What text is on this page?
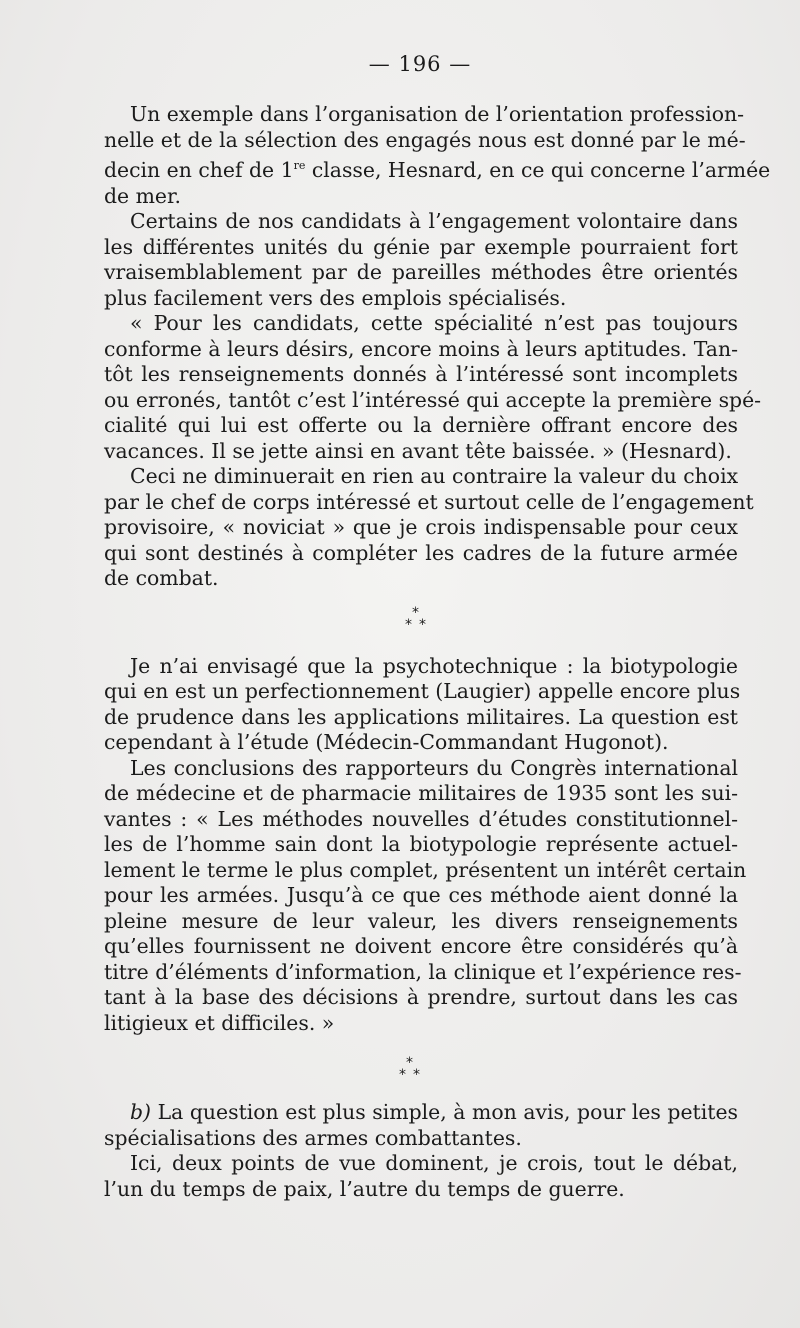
— 196 —
Un exemple dans l’organisation de l’orientation profession-
nelle et de la sélection des engagés nous est donné par le mé-
decin en chef de 1re classe, Hesnard, en ce qui concerne l’armée
de mer.
Certains de nos candidats à l’engagement volontaire dans
les différentes unités du génie par exemple pourraient fort
vraisemblablement par de pareilles méthodes être orientés
plus facilement vers des emplois spécialisés.
« Pour les candidats, cette spécialité n’est pas toujours
conforme à leurs désirs, encore moins à leurs aptitudes. Tan-
tôt les renseignements donnés à l’intéressé sont incomplets
ou erronés, tantôt c’est l’intéressé qui accepte la première spé-
cialité qui lui est offerte ou la dernière offrant encore des
vacances. Il se jette ainsi en avant tête baissée. » (Hesnard).
Ceci ne diminuerait en rien au contraire la valeur du choix
par le chef de corps intéressé et surtout celle de l’engagement
provisoire, « noviciat » que je crois indispensable pour ceux
qui sont destinés à compléter les cadres de la future armée
de combat.
*
* *
Je n’ai envisagé que la psychotechnique : la biotypologie
qui en est un perfectionnement (Laugier) appelle encore plus
de prudence dans les applications militaires. La question est
cependant à l’étude (Médecin-Commandant Hugonot).
Les conclusions des rapporteurs du Congrès international
de médecine et de pharmacie militaires de 1935 sont les sui-
vantes : « Les méthodes nouvelles d’études constitutionnel-
les de l’homme sain dont la biotypologie représente actuel-
lement le terme le plus complet, présentent un intérêt certain
pour les armées. Jusqu’à ce que ces méthode aient donné la
pleine mesure de leur valeur, les divers renseignements
qu’elles fournissent ne doivent encore être considérés qu’à
titre d’éléments d’information, la clinique et l’expérience res-
tant à la base des décisions à prendre, surtout dans les cas
litigieux et difficiles. »
*
* *
b) La question est plus simple, à mon avis, pour les petites
spécialisations des armes combattantes.
Ici, deux points de vue dominent, je crois, tout le débat,
l’un du temps de paix, l’autre du temps de guerre.
